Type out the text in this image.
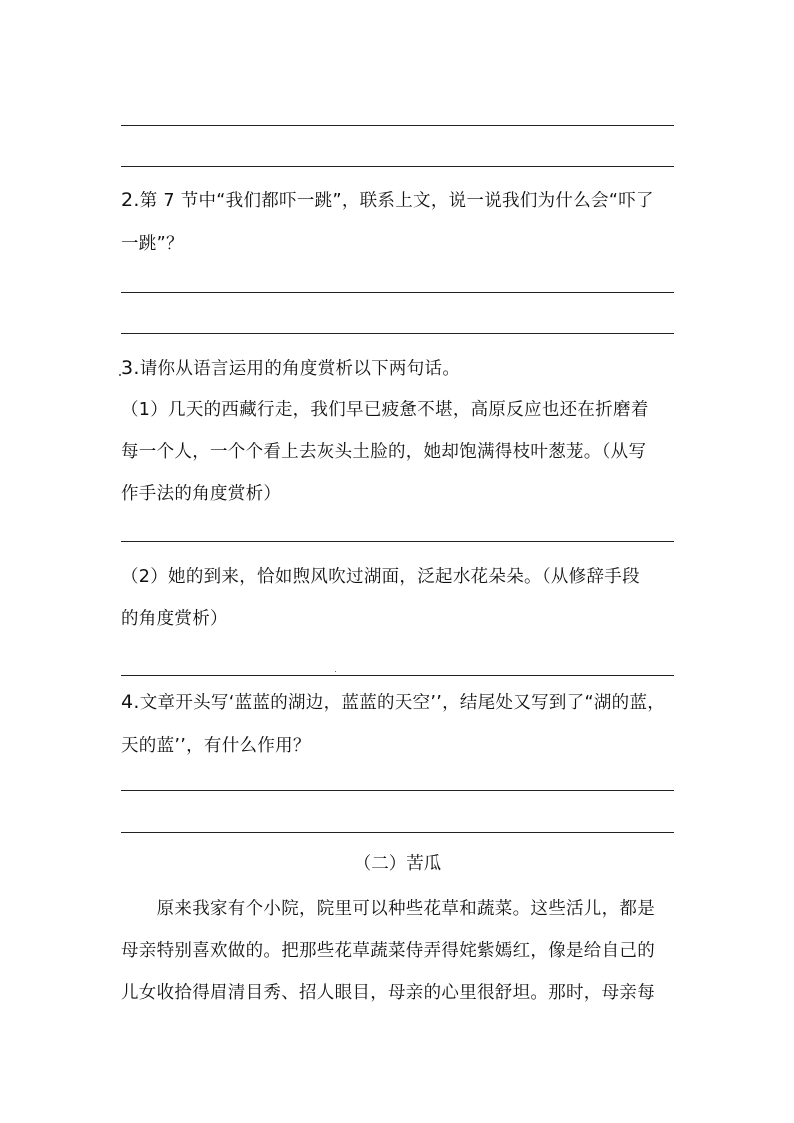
2.第 7 节中“我们都吓一跳”，联系上文，说一说我们为什么会“吓了
一跳”？
3.请你从语言运用的角度赏析以下两句话。
（1）几天的西藏行走，我们早已疲惫不堪，高原反应也还在折磨着
每一个人，一个个看上去灰头土脸的，她却饱满得枝叶葱茏。（从写
作手法的角度赏析）
（2）她的到来，恰如煦风吹过湖面，泛起水花朵朵。（从修辞手段
的角度赏析）
4.文章开头写‘蓝蓝的湖边，蓝蓝的天空’’，结尾处又写到了“湖的蓝，
天的蓝’’，有什么作用？
（二）苦瓜
　　原来我家有个小院，院里可以种些花草和蔬菜。这些活儿，都是
母亲特别喜欢做的。把那些花草蔬菜侍弄得姹紫嫣红，像是给自己的
儿女收拾得眉清目秀、招人眼目，母亲的心里很舒坦。那时，母亲每
